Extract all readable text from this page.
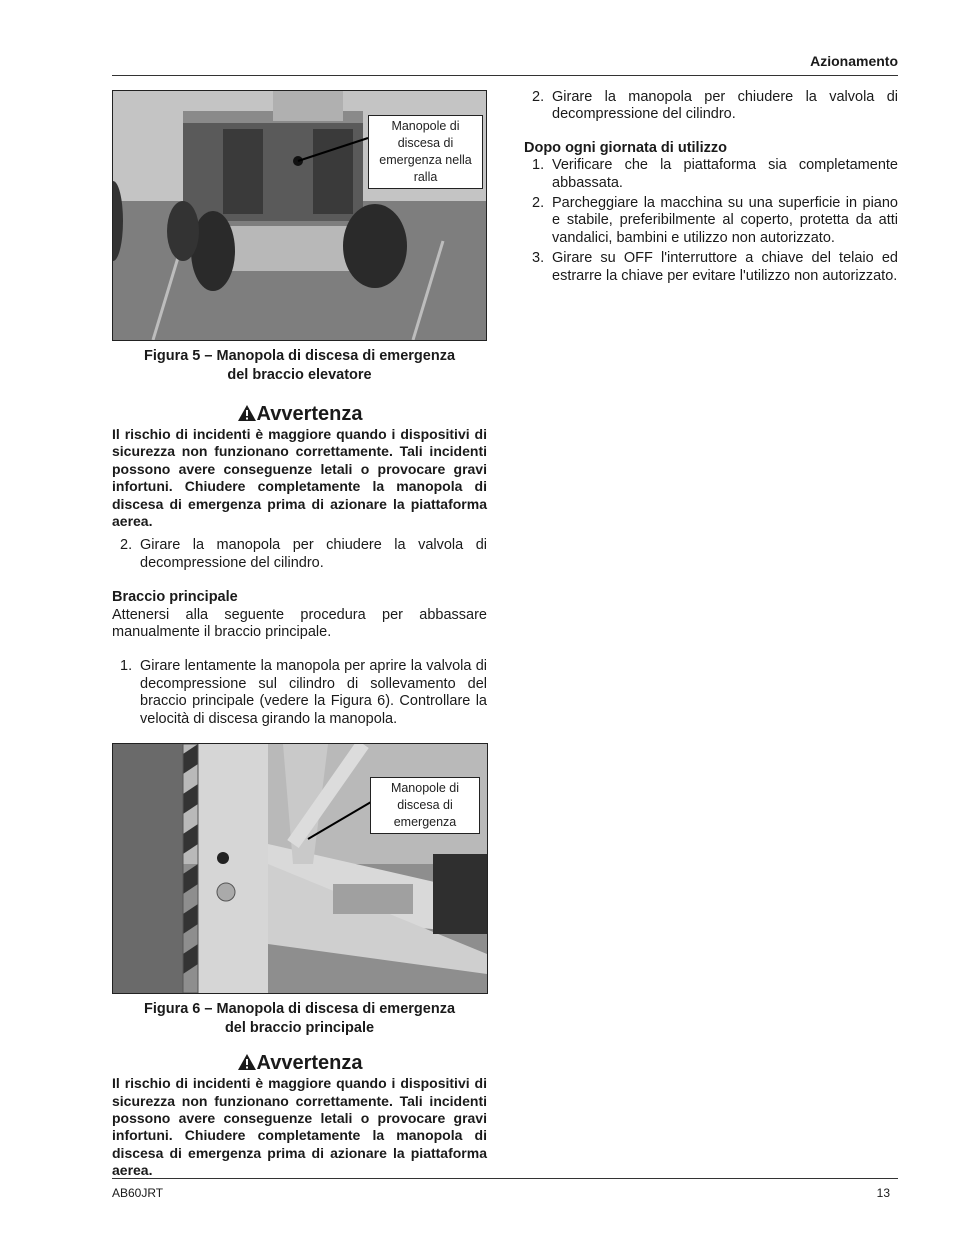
Azionamento
Manopole di discesa di emergenza nella ralla
Figura 5 – Manopola di discesa di emergenza
del braccio elevatore
Avvertenza
Il rischio di incidenti è maggiore quando i dispositivi di sicurezza non funzionano correttamente. Tali incidenti possono avere conseguenze letali o provocare gravi infortuni. Chiudere completamente la manopola di discesa di emergenza prima di azionare la piattaforma aerea.
2. Girare la manopola per chiudere la valvola di decompressione del cilindro.
Braccio principale

Attenersi alla seguente procedura per abbassare manualmente il braccio principale.

1. Girare lentamente la manopola per aprire la valvola di decompressione sul cilindro di sollevamento del braccio principale (vedere la Figura 6). Controllare la velocità di discesa girando la manopola.
Manopole di discesa di emergenza
Figura 6 – Manopola di discesa di emergenza
del braccio principale
Avvertenza
Il rischio di incidenti è maggiore quando i dispositivi di sicurezza non funzionano correttamente. Tali incidenti possono avere conseguenze letali o provocare gravi infortuni. Chiudere completamente la manopola di discesa di emergenza prima di azionare la piattaforma aerea.
2. Girare la manopola per chiudere la valvola di decompressione del cilindro.
Dopo ogni giornata di utilizzo
1. Verificare che la piattaforma sia completamente abbassata.
2. Parcheggiare la macchina su una superficie in piano e stabile, preferibilmente al coperto, protetta da atti vandalici, bambini e utilizzo non autorizzato.
3. Girare su OFF l'interruttore a chiave del telaio ed estrarre la chiave per evitare l'utilizzo non autorizzato.
AB60JRT	13
